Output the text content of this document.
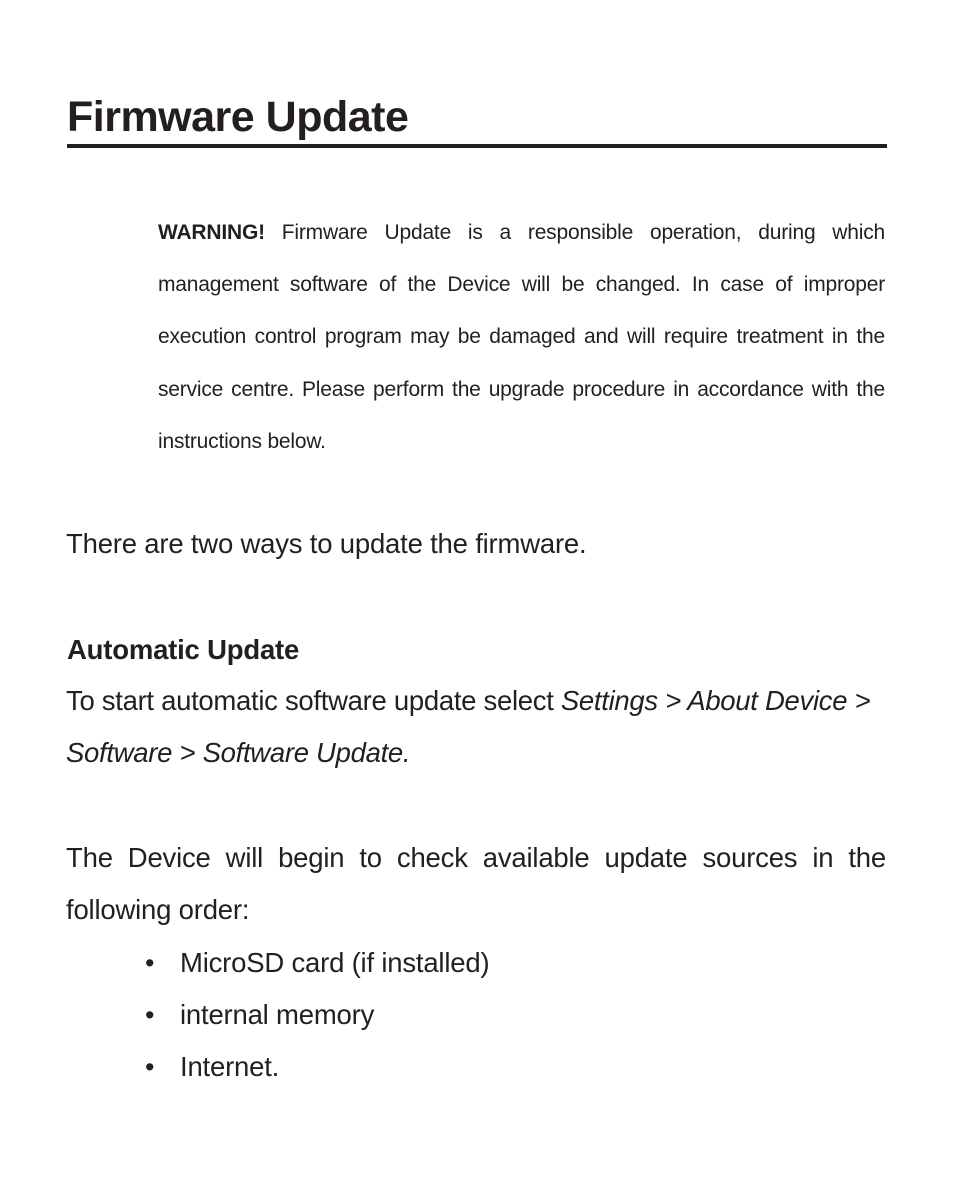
Firmware Update

WARNING! Firmware Update is a responsible operation, during which management software of the Device will be changed. In case of improper execution control program may be damaged and will require treatment in the service centre. Please perform the upgrade procedure in accordance with the instructions below.

There are two ways to update the firmware.

Automatic Update

To start automatic software update select Settings > About Device > Software > Software Update.

The Device will begin to check available update sources in the following order:

• MicroSD card (if installed)
• internal memory
• Internet.
